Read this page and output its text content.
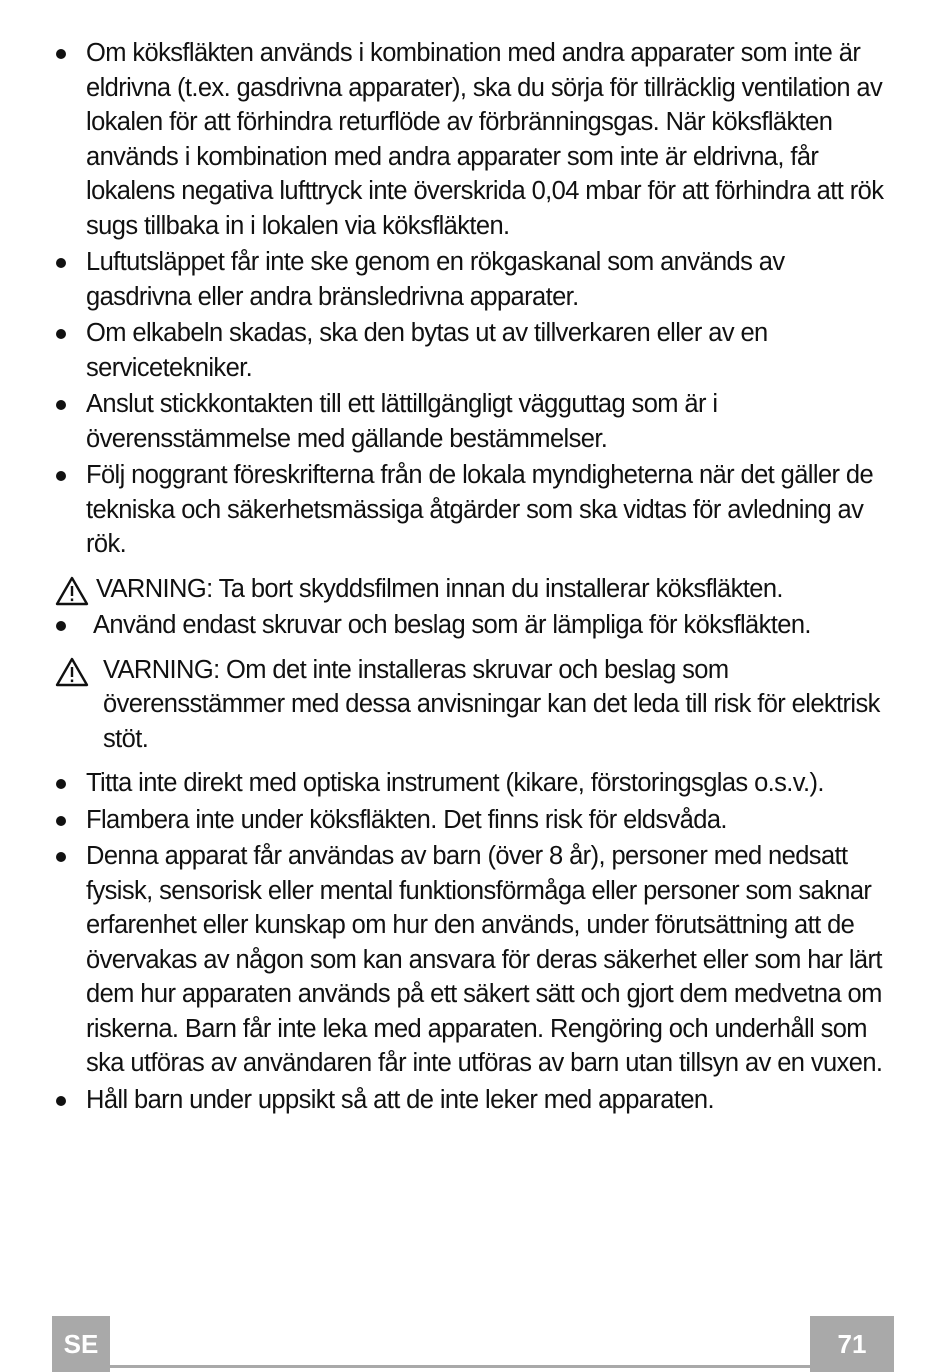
Om köksfläkten används i kombination med andra apparater som inte är eldrivna (t.ex. gasdrivna apparater), ska du sörja för tillräcklig ventilation av lokalen för att förhindra returflöde av förbränningsgas. När köksfläkten används i kombination med andra apparater som inte är eldrivna, får lokalens negativa lufttryck inte överskrida 0,04 mbar för att förhindra att rök sugs tillbaka in i lokalen via köksfläkten.
Luftutsläppet får inte ske genom en rökgaskanal som används av gasdrivna eller andra bränsledrivna apparater.
Om elkabeln skadas, ska den bytas ut av tillverkaren eller av en servicetekniker.
Anslut stickkontakten till ett lättillgängligt vägguttag som är i överensstämmelse med gällande bestämmelser.
Följ noggrant föreskrifterna från de lokala myndigheterna när det gäller de tekniska och säkerhetsmässiga åtgärder som ska vidtas för avledning av rök.
VARNING: Ta bort skyddsfilmen innan du installerar köksfläkten.
Använd endast skruvar och beslag som är lämpliga för köksfläkten.
VARNING: Om det inte installeras skruvar och beslag som överensstämmer med dessa anvisningar kan det leda till risk för elektrisk stöt.
Titta inte direkt med optiska instrument (kikare, förstoringsglas o.s.v.).
Flambera inte under köksfläkten. Det finns risk för eldsvåda.
Denna apparat får användas av barn (över 8 år), personer med nedsatt fysisk, sensorisk eller mental funktionsförmåga eller personer som saknar erfarenhet eller kunskap om hur den används, under förutsättning att de övervakas av någon som kan ansvara för deras säkerhet eller som har lärt dem hur apparaten används på ett säkert sätt och gjort dem medvetna om riskerna. Barn får inte leka med apparaten. Rengöring och underhåll som ska utföras av användaren får inte utföras av barn utan tillsyn av en vuxen.
Håll barn under uppsikt så att de inte leker med apparaten.
SE	71
